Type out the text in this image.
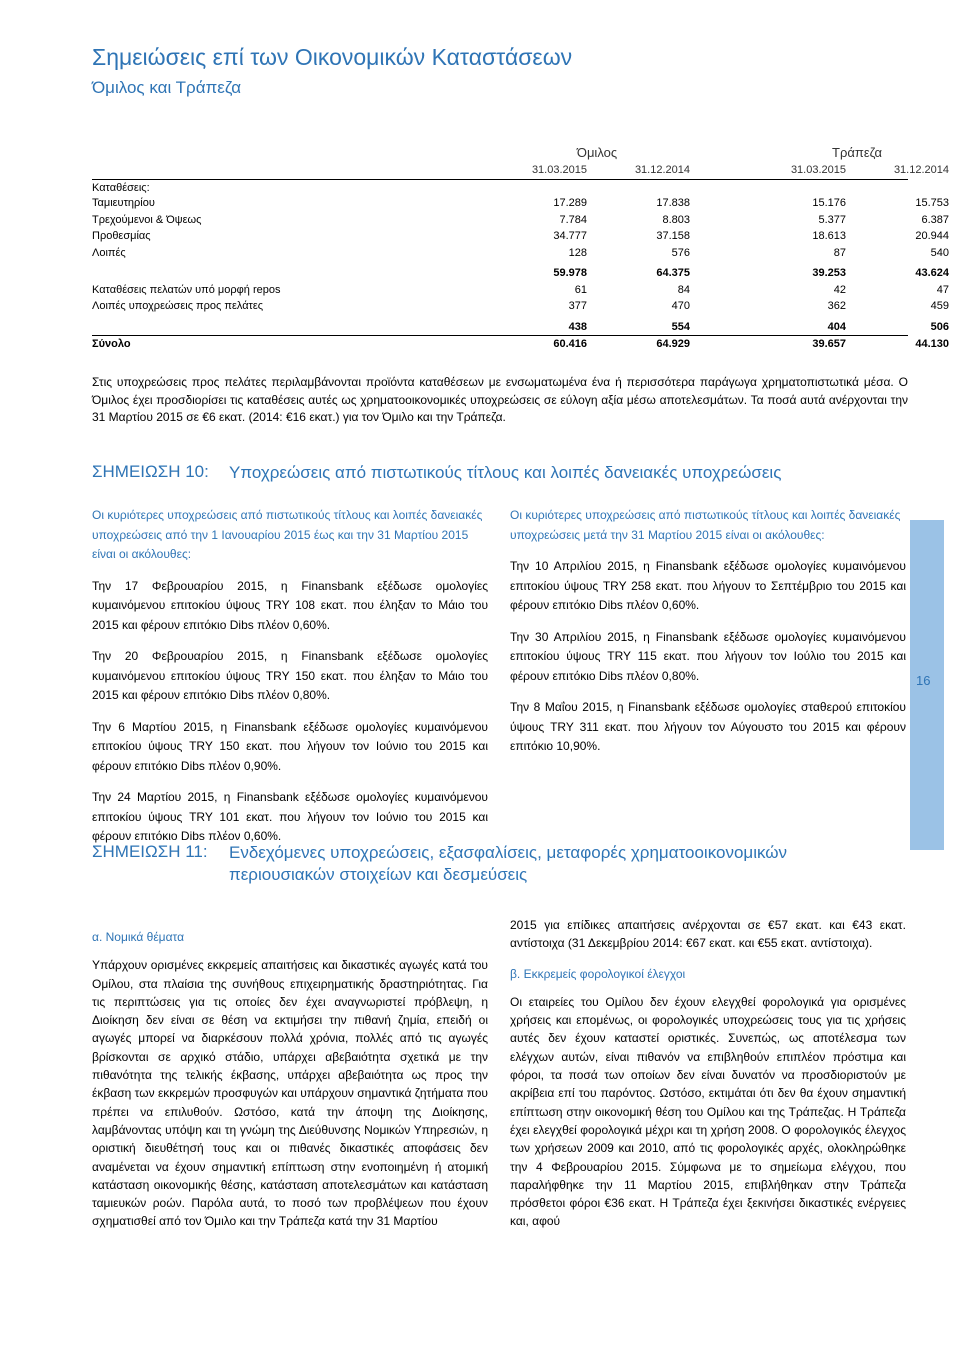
Σημειώσεις επί των Οικονομικών Καταστάσεων
Όμιλος και Τράπεζα
Όμιλος	Τράπεζα
31.03.2015	31.12.2014	31.03.2015	31.12.2014
Καταθέσεις:
Ταμιευτηρίου	17.289	17.838	15.176	15.753
Τρεχούμενοι & Όψεως	7.784	8.803	5.377	6.387
Προθεσμίας	34.777	37.158	18.613	20.944
Λοιπές	128	576	87	540
59.978	64.375	39.253	43.624
Καταθέσεις πελατών υπό μορφή repos	61	84	42	47
Λοιπές υποχρεώσεις προς πελάτες	377	470	362	459
438	554	404	506
Σύνολο	60.416	64.929	39.657	44.130
Στις υποχρεώσεις προς πελάτες περιλαμβάνονται προϊόντα καταθέσεων με ενσωματωμένα ένα ή περισσότερα παράγωγα χρηματοπιστωτικά μέσα. Ο Όμιλος έχει προσδιορίσει τις καταθέσεις αυτές ως χρηματοοικονομικές υποχρεώσεις σε εύλογη αξία μέσω αποτελεσμάτων. Τα ποσά αυτά ανέρχονται την 31 Μαρτίου 2015 σε €6 εκατ. (2014: €16 εκατ.) για τον Όμιλο και την Τράπεζα.
ΣΗΜΕΙΩΣΗ 10: Υποχρεώσεις από πιστωτικούς τίτλους και λοιπές δανειακές υποχρεώσεις

Οι κυριότερες υποχρεώσεις από πιστωτικούς τίτλους και λοιπές δανειακές υποχρεώσεις από την 1 Ιανουαρίου 2015 έως και την 31 Μαρτίου 2015 είναι οι ακόλουθες:

Την 17 Φεβρουαρίου 2015, η Finansbank εξέδωσε ομολογίες κυμαινόμενου επιτοκίου ύψους TRY 108 εκατ. που έληξαν το Μάιο του 2015 και φέρουν επιτόκιο Dibs πλέον 0,60%.

Την 20 Φεβρουαρίου 2015, η Finansbank εξέδωσε ομολογίες κυμαινόμενου επιτοκίου ύψους TRY 150 εκατ. που έληξαν το Μάιο του 2015 και φέρουν επιτόκιο Dibs πλέον 0,80%.

Την 6 Μαρτίου 2015, η Finansbank εξέδωσε ομολογίες κυμαινόμενου επιτοκίου ύψους TRY 150 εκατ. που λήγουν τον Ιούνιο του 2015 και φέρουν επιτόκιο Dibs πλέον 0,90%.

Την 24 Μαρτίου 2015, η Finansbank εξέδωσε ομολογίες κυμαινόμενου επιτοκίου ύψους TRY 101 εκατ. που λήγουν τον Ιούνιο του 2015 και φέρουν επιτόκιο Dibs πλέον 0,60%.

Οι κυριότερες υποχρεώσεις από πιστωτικούς τίτλους και λοιπές δανειακές υποχρεώσεις μετά την 31 Μαρτίου 2015 είναι οι ακόλουθες:

Την 10 Απριλίου 2015, η Finansbank εξέδωσε ομολογίες κυμαινόμενου επιτοκίου ύψους TRY 258 εκατ. που λήγουν το Σεπτέμβριο του 2015 και φέρουν επιτόκιο Dibs πλέον 0,60%.

Την 30 Απριλίου 2015, η Finansbank εξέδωσε ομολογίες κυμαινόμενου επιτοκίου ύψους TRY 115 εκατ. που λήγουν τον Ιούλιο του 2015 και φέρουν επιτόκιο Dibs πλέον 0,80%.

Την 8 Μαΐου 2015, η Finansbank εξέδωσε ομολογίες σταθερού επιτοκίου ύψους TRY 311 εκατ. που λήγουν τον Αύγουστο του 2015 και φέρουν επιτόκιο 10,90%.

ΣΗΜΕΙΩΣΗ 11: Ενδεχόμενες υποχρεώσεις, εξασφαλίσεις, μεταφορές χρηματοοικονομικών περιουσιακών στοιχείων και δεσμεύσεις

α. Νομικά θέματα

Υπάρχουν ορισμένες εκκρεμείς απαιτήσεις και δικαστικές αγωγές κατά του Ομίλου, στα πλαίσια της συνήθους επιχειρηματικής δραστηριότητας. Για τις περιπτώσεις για τις οποίες δεν έχει αναγνωριστεί πρόβλεψη, η Διοίκηση δεν είναι σε θέση να εκτιμήσει την πιθανή ζημία, επειδή οι αγωγές μπορεί να διαρκέσουν πολλά χρόνια, πολλές από τις αγωγές βρίσκονται σε αρχικό στάδιο, υπάρχει αβεβαιότητα σχετικά με την πιθανότητα της τελικής έκβασης, υπάρχει αβεβαιότητα ως προς την έκβαση των εκκρεμών προσφυγών και υπάρχουν σημαντικά ζητήματα που πρέπει να επιλυθούν. Ωστόσο, κατά την άποψη της Διοίκησης, λαμβάνοντας υπόψη και τη γνώμη της Διεύθυνσης Νομικών Υπηρεσιών, η οριστική διευθέτησή τους και οι πιθανές δικαστικές αποφάσεις δεν αναμένεται να έχουν σημαντική επίπτωση στην ενοποιημένη ή ατομική κατάσταση οικονομικής θέσης, κατάσταση αποτελεσμάτων και κατάσταση ταμιευκών ροών. Παρόλα αυτά, το ποσό των προβλέψεων που έχουν σχηματισθεί από τον Όμιλο και την Τράπεζα κατά την 31 Μαρτίου

2015 για επίδικες απαιτήσεις ανέρχονται σε €57 εκατ. και €43 εκατ. αντίστοιχα (31 Δεκεμβρίου 2014: €67 εκατ. και €55 εκατ. αντίστοιχα).

β. Εκκρεμείς φορολογικοί έλεγχοι

Οι εταιρείες του Ομίλου δεν έχουν ελεγχθεί φορολογικά για ορισμένες χρήσεις και επομένως, οι φορολογικές υποχρεώσεις τους για τις χρήσεις αυτές δεν έχουν καταστεί οριστικές. Συνεπώς, ως αποτέλεσμα των ελέγχων αυτών, είναι πιθανόν να επιβληθούν επιπλέον πρόστιμα και φόροι, τα ποσά των οποίων δεν είναι δυνατόν να προσδιοριστούν με ακρίβεια επί του παρόντος. Ωστόσο, εκτιμάται ότι δεν θα έχουν σημαντική επίπτωση στην οικονομική θέση του Ομίλου και της Τράπεζας. Η Τράπεζα έχει ελεγχθεί φορολογικά μέχρι και τη χρήση 2008. Ο φορολογικός έλεγχος των χρήσεων 2009 και 2010, από τις φορολογικές αρχές, ολοκληρώθηκε την 4 Φεβρουαρίου 2015. Σύμφωνα με το σημείωμα ελέγχου, που παραλήφθηκε την 11 Μαρτίου 2015, επιβλήθηκαν στην Τράπεζα πρόσθετοι φόροι €36 εκατ. Η Τράπεζα έχει ξεκινήσει δικαστικές ενέργειες και, αφού

16
